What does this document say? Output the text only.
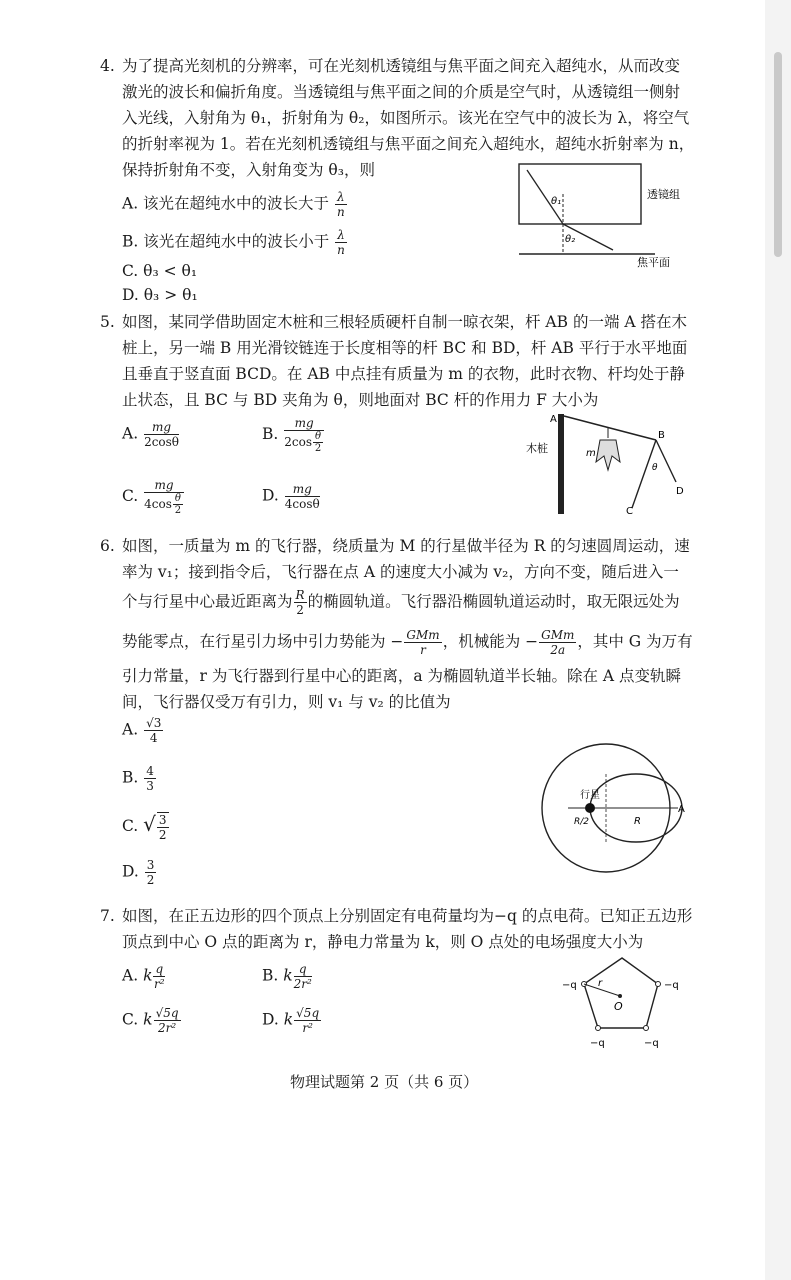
4. 为了提高光刻机的分辨率，可在光刻机透镜组与焦平面之间充入超纯水，从而改变
激光的波长和偏折角度。当透镜组与焦平面之间的介质是空气时，从透镜组一侧射
入光线，入射角为 θ₁，折射角为 θ₂，如图所示。该光在空气中的波长为 λ，将空气
的折射率视为 1。若在光刻机透镜组与焦平面之间充入超纯水，超纯水折射率为 n，
保持折射角不变，入射角变为 θ₃，则
A. 该光在超纯水中的波长大于 $\frac{\lambda}{n}$
B. 该光在超纯水中的波长小于 $\frac{\lambda}{n}$
C. θ₃ < θ₁
D. θ₃ > θ₁
θ₁
θ₂
透镜组
焦平面
5. 如图，某同学借助固定木桩和三根轻质硬杆自制一晾衣架，杆 AB 的一端 A 搭在木
桩上，另一端 B 用光滑铰链连于长度相等的杆 BC 和 BD，杆 AB 平行于水平地面
且垂直于竖直面 BCD。在 AB 中点挂有质量为 m 的衣物，此时衣物、杆均处于静
止状态，且 BC 与 BD 夹角为 θ，则地面对 BC 杆的作用力 F 大小为
A. $\frac{mg}{2\cos\theta}$	B. $\frac{mg}{2\cos \frac{\theta}{2}}$
C. $\frac{mg}{4\cos \frac{\theta}{2}}$	D. $\frac{mg}{4\cos\theta}$
A
B
C
D
m
θ
木桩
6. 如图，一质量为 m 的飞行器，绕质量为 M 的行星做半径为 R 的匀速圆周运动，速
率为 v₁；接到指令后，飞行器在点 A 的速度大小减为 v₂，方向不变，随后进入一
个与行星中心最近距离为 $\frac{R}{2}$ 的椭圆轨道。飞行器沿椭圆轨道运动时，取无限远处为
势能零点，在行星引力场中引力势能为 − $\frac{\text{GMm}}{r}$ ，机械能为 − $\frac{\text{GMm}}{2a}$ ，其中 G 为万有
引力常量，r 为飞行器到行星中心的距离，a 为椭圆轨道半长轴。除在 A 点变轨瞬
间，飞行器仅受万有引力，则 v₁ 与 v₂ 的比值为
A. $\frac{√3}{4}$
B. $\frac{4}{3}$
C. √ $\frac{3}{2}$
D. $\frac{3}{2}$
行星
A
R
R/2
7. 如图，在正五边形的四个顶点上分别固定有电荷量均为−q 的点电荷。已知正五边形
顶点到中心 O 点的距离为 r，静电力常量为 k，则 O 点处的电场强度大小为
A. k $\frac{q}{\text{r²}}$	B. k $\frac{q}{\text{2r²}}$
C. k $\frac{√5q}{\text{2r²}}$	D. k $\frac{√5q}{\text{r²}}$
r
O
−q	−q
−q	−q
物理试题第 2 页（共 6 页）
